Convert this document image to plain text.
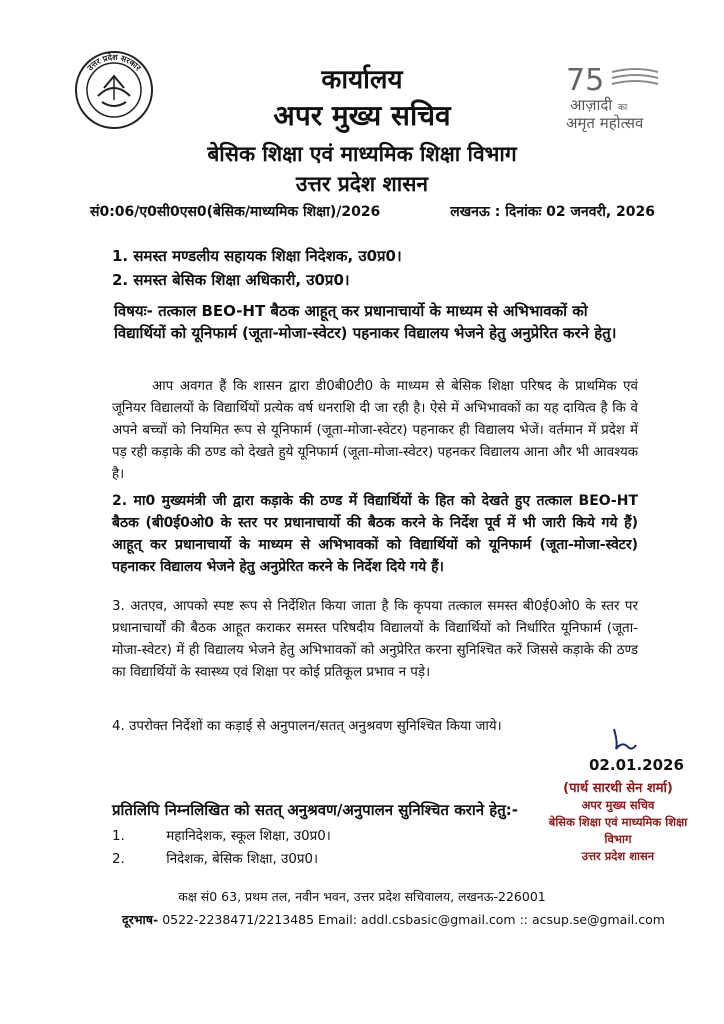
उत्तर प्रदेश सरकार	कार्यालय
अपर मुख्य सचिव
बेसिक शिक्षा एवं माध्यमिक शिक्षा विभाग
उत्तर प्रदेश शासन
75
आज़ादी का
अमृत महोत्सव
सं0:06/ए0सी0एस0(बेसिक/माध्यमिक शिक्षा)/2026	लखनऊ : दिनांकः 02 जनवरी, 2026
1. समस्त मण्डलीय सहायक शिक्षा निदेशक, उ0प्र0।
2. समस्त बेसिक शिक्षा अधिकारी, उ0प्र0।
विषयः- तत्काल BEO-HT बैठक आहूत् कर प्रधानाचार्यो के माध्यम से अभिभावकों को विद्यार्थियों को यूनिफार्म (जूता-मोजा-स्वेटर) पहनाकर विद्यालय भेजने हेतु अनुप्रेरित करने हेतु।
आप अवगत हैं कि शासन द्वारा डी0बी0टी0 के माध्यम से बेसिक शिक्षा परिषद के प्राथमिक एवं जूनियर विद्यालयों के विद्यार्थियों प्रत्येक वर्ष धनराशि दी जा रही है। ऐसे में अभिभावकों का यह दायित्व है कि वे अपने बच्चों को नियमित रूप से यूनिफार्म (जूता-मोजा-स्वेटर) पहनाकर ही विद्यालय भेजें। वर्तमान में प्रदेश में पड़ रही कड़ाके की ठण्ड को देखते हुये यूनिफार्म (जूता-मोजा-स्वेटर) पहनकर विद्यालय आना और भी आवश्यक है।
2. मा0 मुख्यमंत्री जी द्वारा कड़ाके की ठण्ड में विद्यार्थियों के हित को देखते हुए तत्काल BEO-HT बैठक (बी0ई0ओ0 के स्तर पर प्रधानाचार्यो की बैठक करने के निर्देश पूर्व में भी जारी किये गये हैं) आहूत् कर प्रधानाचार्यो के माध्यम से अभिभावकों को विद्यार्थियों को यूनिफार्म (जूता-मोजा-स्वेटर) पहनाकर विद्यालय भेजने हेतु अनुप्रेरित करने के निर्देश दिये गये हैं।
3. अतएव, आपको स्पष्ट रूप से निर्देशित किया जाता है कि कृपया तत्काल समस्त बी0ई0ओ0 के स्तर पर प्रधानाचार्यों की बैठक आहूत कराकर समस्त परिषदीय विद्यालयों के विद्यार्थियों को निर्धारित यूनिफार्म (जूता-मोजा-स्वेटर) में ही विद्यालय भेजने हेतु अभिभावकों को अनुप्रेरित करना सुनिश्चित करें जिससे कड़ाके की ठण्ड का विद्यार्थियों के स्वास्थ्य एवं शिक्षा पर कोई प्रतिकूल प्रभाव न पड़े।
4. उपरोक्त निर्देशों का कड़ाई से अनुपालन/सतत् अनुश्रवण सुनिश्चित किया जाये।
02.01.2026
(पार्थ सारथी सेन शर्मा)
अपर मुख्य सचिव
बेसिक शिक्षा एवं माध्यमिक शिक्षा विभाग
उत्तर प्रदेश शासन
प्रतिलिपि निम्नलिखित को सतत् अनुश्रवण/अनुपालन सुनिश्चित कराने हेतु:-
1.	महानिदेशक, स्कूल शिक्षा, उ0प्र0।
2.	निदेशक, बेसिक शिक्षा, उ0प्र0।
कक्ष सं0 63, प्रथम तल, नवीन भवन, उत्तर प्रदेश सचिवालय, लखनऊ-226001
दूरभाष- 0522-2238471/2213485 Email: addl.csbasic@gmail.com :: acsup.se@gmail.com
